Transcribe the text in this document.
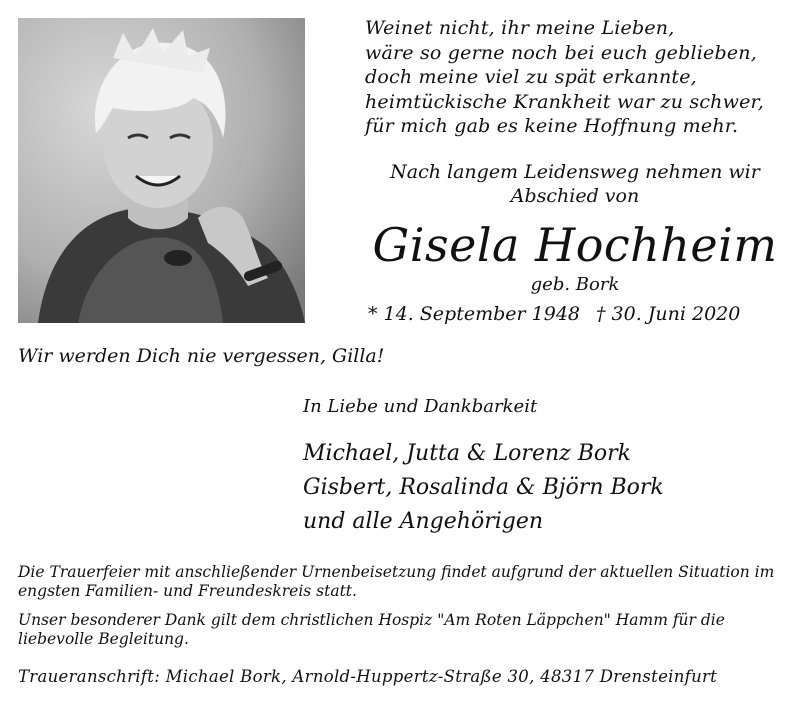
Weinet nicht, ihr meine Lieben,
wäre so gerne noch bei euch geblieben,
doch meine viel zu spät erkannte,
heimtückische Krankheit war zu schwer,
für mich gab es keine Hoffnung mehr.
Nach langem Leidensweg nehmen wir
Abschied von
Gisela Hochheim
geb. Bork
* 14. September 1948 † 30. Juni 2020
Wir werden Dich nie vergessen, Gilla!
In Liebe und Dankbarkeit
Michael, Jutta & Lorenz Bork
Gisbert, Rosalinda & Björn Bork
und alle Angehörigen

Die Trauerfeier mit anschließender Urnenbeisetzung findet aufgrund der aktuellen Situation im engsten Familien- und Freundeskreis statt.

Unser besonderer Dank gilt dem christlichen Hospiz "Am Roten Läppchen" Hamm für die liebevolle Begleitung.

Traueranschrift: Michael Bork, Arnold-Huppertz-Straße 30, 48317 Drensteinfurt
